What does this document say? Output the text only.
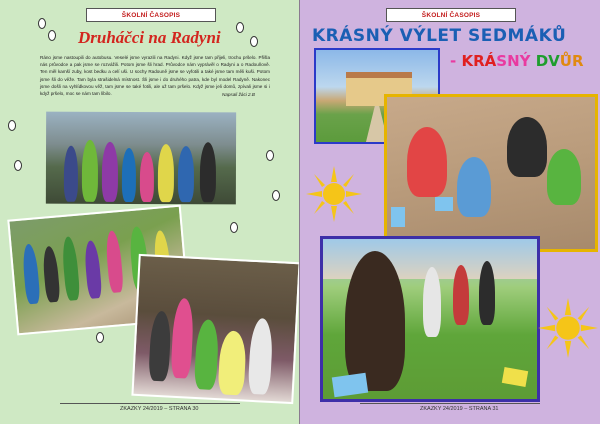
ŠKOLNÍ ČASOPIS
Druháčci na Radyni
Ráno jsme nastoupili do autobusu. Veselé jsme vyrazili na Radyni. Když jsme tam přijeli, trochu pršelo. Přišla nás průvodce a pak jsme se rozvážili. Potom jsme šli hrad. Průvodce nám vyprávěl o Radyni a o Radouňově. Ten měl kamší zuby, kost bedku a celí uši. U sochy Radouně jsme se vyfotili a také jsme tam měli kuši. Potom jsme šli do věže. Tam byla strašidelná místnost. Šli jsme i do druhého patra, kde byl model Radyně. Nakonec jsme došli na vyhlídkovou věž, tam jsme se také fotili, ale už tam pršelo. Když jsme jeli domů, zpívali jsme si i když pršelo, moc se nám tam líbilo.	Napsali žáci 2.B
ZKAZKY 24/2019 – STRANA 30
ŠKOLNÍ ČASOPIS
KRÁSNÝ VÝLET SEDMÁKŮ
- KRÁSNÝ DVŮR
ZKAZKY 24/2019 – STRANA 31
